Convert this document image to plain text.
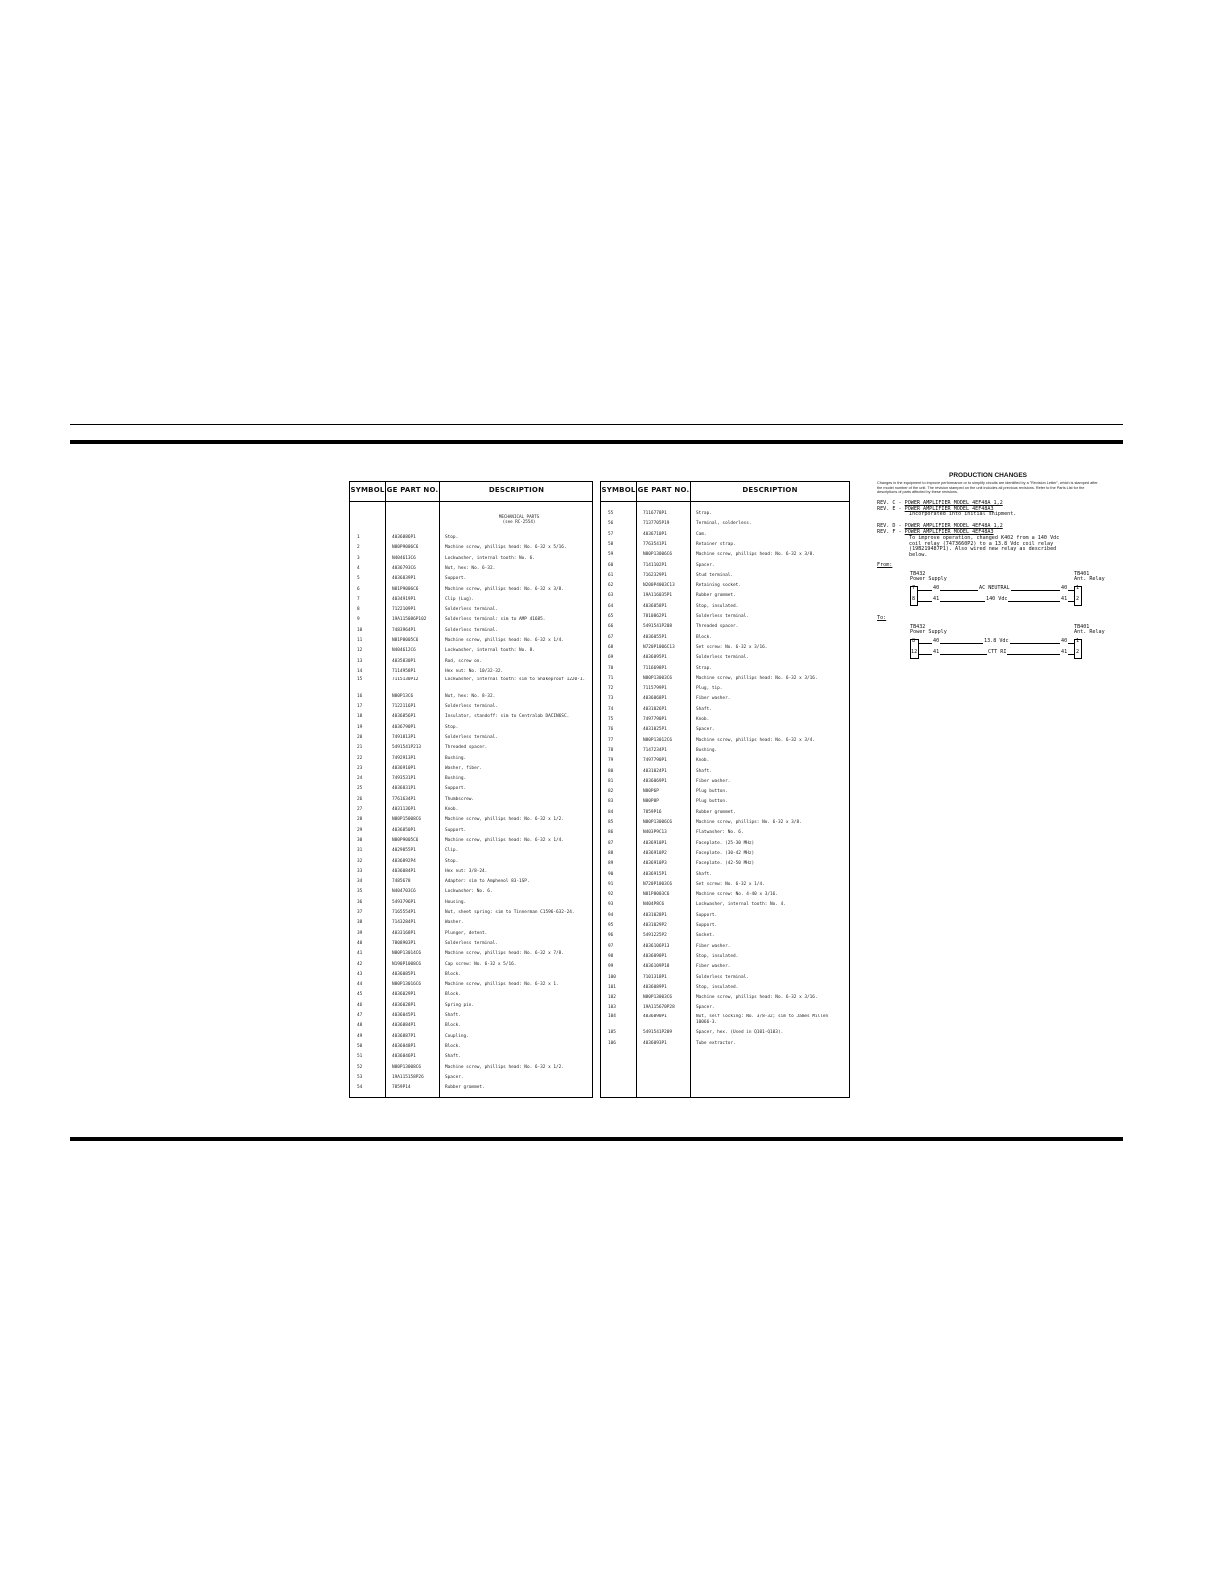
SYMBOL GE PART NO.	DESCRIPTION
MECHANICAL PARTS
(see RC-2554)
1	4036086P1	Stop.
2	N80P9006C6	Machine screw, phillips head: No. 6-32 x 5/16.
3	N404613C6	Lockwasher, internal tooth: No. 6.
4	4036793C6	Nut, hex: No. 6-32.
5	4036839P1	Support.
6	N81P9006C6	Machine screw, phillips head: No. 6-32 x 3/8.
7	4034919P1	Clip (Lug).
8	7122109P1	Solderless terminal.
9	19A115086P102	Solderless terminal: sim to AMP 41685.
10	7483964P1	Solderless terminal.
11	N81P8005C6	Machine screw, phillips head: No. 6-32 x 1/4.
12	N404612C6	Lockwasher, internal tooth: No. 8.
13	4035830P1	Rod, screw on.
14	7114958P1	Hex nut: No. 10/32-32.
15	7115130P12	Lockwasher, internal tooth: sim to Shakeproof 1220-1.
16	N80P13C6	Nut, hex: No. 8-32.
17	7122116P1	Solderless terminal.
18	4036856P1	Insulator, standoff: sim to Centralab DACIN6SC.
19	4036790P1	Stop.
20	7491813P1	Solderless terminal.
21	5491541P213	Threaded spacer.
22	7492913P1	Bushing.
23	4036910P1	Washer, fiber.
24	7493531P1	Bushing.
25	4036831P1	Support.
26	7761634P1	Thumbscrew.
27	4031136P1	Knob.
28	N80P15008C6	Machine screw, phillips head: No. 6-32 x 1/2.
29	4036850P1	Support.
30	N80P9005C6	Machine screw, phillips head: No. 6-32 x 1/4.
31	4029855P1	Clip.
32	4036892P4	Stop.
33	4036084P1	Hex nut: 3/8-24.
34	7485678	Adapter: sim to Amphenol 83-1SP.
35	N404703C6	Lockwasher: No. 6.
36	5493796P1	Housing.
37	7165554P1	Nut, sheet spring: sim to Tinnerman C1596-632-24.
38	7143284P1	Washer.
39	4033168P1	Plunger, detent.
40	7808903P1	Solderless terminal.
41	N80P13014C6	Machine screw, phillips head: No. 6-32 x 7/8.
42	N190P1008C6	Cap screw: No. 6-32 x 5/16.
43	4036085P1	Block.
44	N80P13016C6	Machine screw, phillips head: No. 6-32 x 1.
45	4036029P1	Block.
46	4036028P1	Spring pin.
47	4036045P1	Shaft.
48	4036884P1	Block.
49	4036887P1	Coupling.
50	4036048P1	Block.
51	4036046P1	Shaft.
52	N80P13008C6	Machine screw, phillips head: No. 6-32 x 1/2.
53	19A115158P26	Spacer.
54	7859P14	Rubber grommet.
SYMBOL GE PART NO.	DESCRIPTION
55	7116778P1	Strap.
56	7137705P19	Terminal, solderless.
57	4036710P1	Cam.
58	7763541P1	Retainer strap.
59	N80P13006C6	Machine screw, phillips head: No. 6-32 x 3/8.
60	7141102P1	Spacer.
61	7162329P1	Stud terminal.
62	N200P4003C13	Retaining socket.
63	19A116035P1	Rubber grommet.
64	4036058P1	Stop, insulated.
65	7810862P1	Solderless terminal.
66	5491541P208	Threaded spacer.
67	4036055P1	Block.
68	N720P1006C13	Set screw: No. 6-32 x 3/16.
69	4036095P1	Solderless terminal.
70	7116698P1	Strap.
71	N80P13003C6	Machine screw, phillips head: No. 6-32 x 3/16.
72	7115799P1	Plug, tip.
73	4036068P1	Fiber washer.
74	4031026P1	Shaft.
75	7497790P1	Knob.
76	4031025P1	Spacer.
77	N80P13012C6	Machine screw, phillips head: No. 6-32 x 3/4.
78	7147234P1	Bushing.
79	7497790P1	Knob.
80	4031024P1	Shaft.
81	4036069P1	Fiber washer.
82	N80P6P	Plug button.
83	N80P8P	Plug button.
84	7859P16	Rubber grommet.
85	N80P13006C6	Machine screw, phillips: No. 6-32 x 3/8.
86	N403P9C13	Flatwasher: No. 6.
87	4036910P1	Faceplate. (25-30 MHz)
88	4036910P2	Faceplate. (30-42 MHz)
89	4036910P3	Faceplate. (42-50 MHz)
90	4036915P1	Shaft.
91	N720P1003C6	Set screw: No. 6-32 x 1/4.
92	N81P8003C6	Machine screw: No. 4-40 x 3/16.
93	N404P8C6	Lockwasher, internal tooth: No. 4.
94	4031028P1	Support.
95	4031029P2	Support.
96	5491225P2	Socket.
97	4036106P13	Fiber washer.
98	4036090P1	Stop, insulated.
99	4036109P18	Fiber washer.
100	7101318P1	Solderless terminal.
101	4036089P1	Stop, insulated.
102	N80P13003C6	Machine screw, phillips head: No. 6-32 x 3/16.
103	19A115670P28	Spacer.
104	4036090P1	Nut, self locking: No. 3/8-32; sim to James Millen 10066-3.
105	5491541P209	Spacer, hex. (Used in Q101-Q103).
106	4036093P1	Tube extractor.
PRODUCTION CHANGES
Changes in the equipment to improve performance or to simplify circuits are identified by a "Revision Letter", which is stamped after the model number of the unit. The revision stamped on the unit includes all previous revisions. Refer to the Parts List for the descriptions of parts affected by these revisions.
REV. C - POWER AMPLIFIER MODEL 4EF48A 1,2
REV. E - POWER AMPLIFIER MODEL 4EF48A3
Incorporated into initial shipment.
REV. D - POWER AMPLIFIER MODEL 4EF48A 1,2
REV. F - POWER AMPLIFIER MODEL 4EF48A3
To improve operation, changed K402 from a 140 Vdc
coil relay (7473660P2) to a 13.8 Vdc coil relay
(19B219487P1). Also wired new relay as described
below.
From:
TB432
Power Supply
TB401
Ant. Relay
7
8
1
2
40	AC NEUTRAL	40
41	140 Vdc	41
To:
TB432
Power Supply
TB401
Ant. Relay
8
12
1
2
40	13.8 Vdc	40
41	CTT RI	41
